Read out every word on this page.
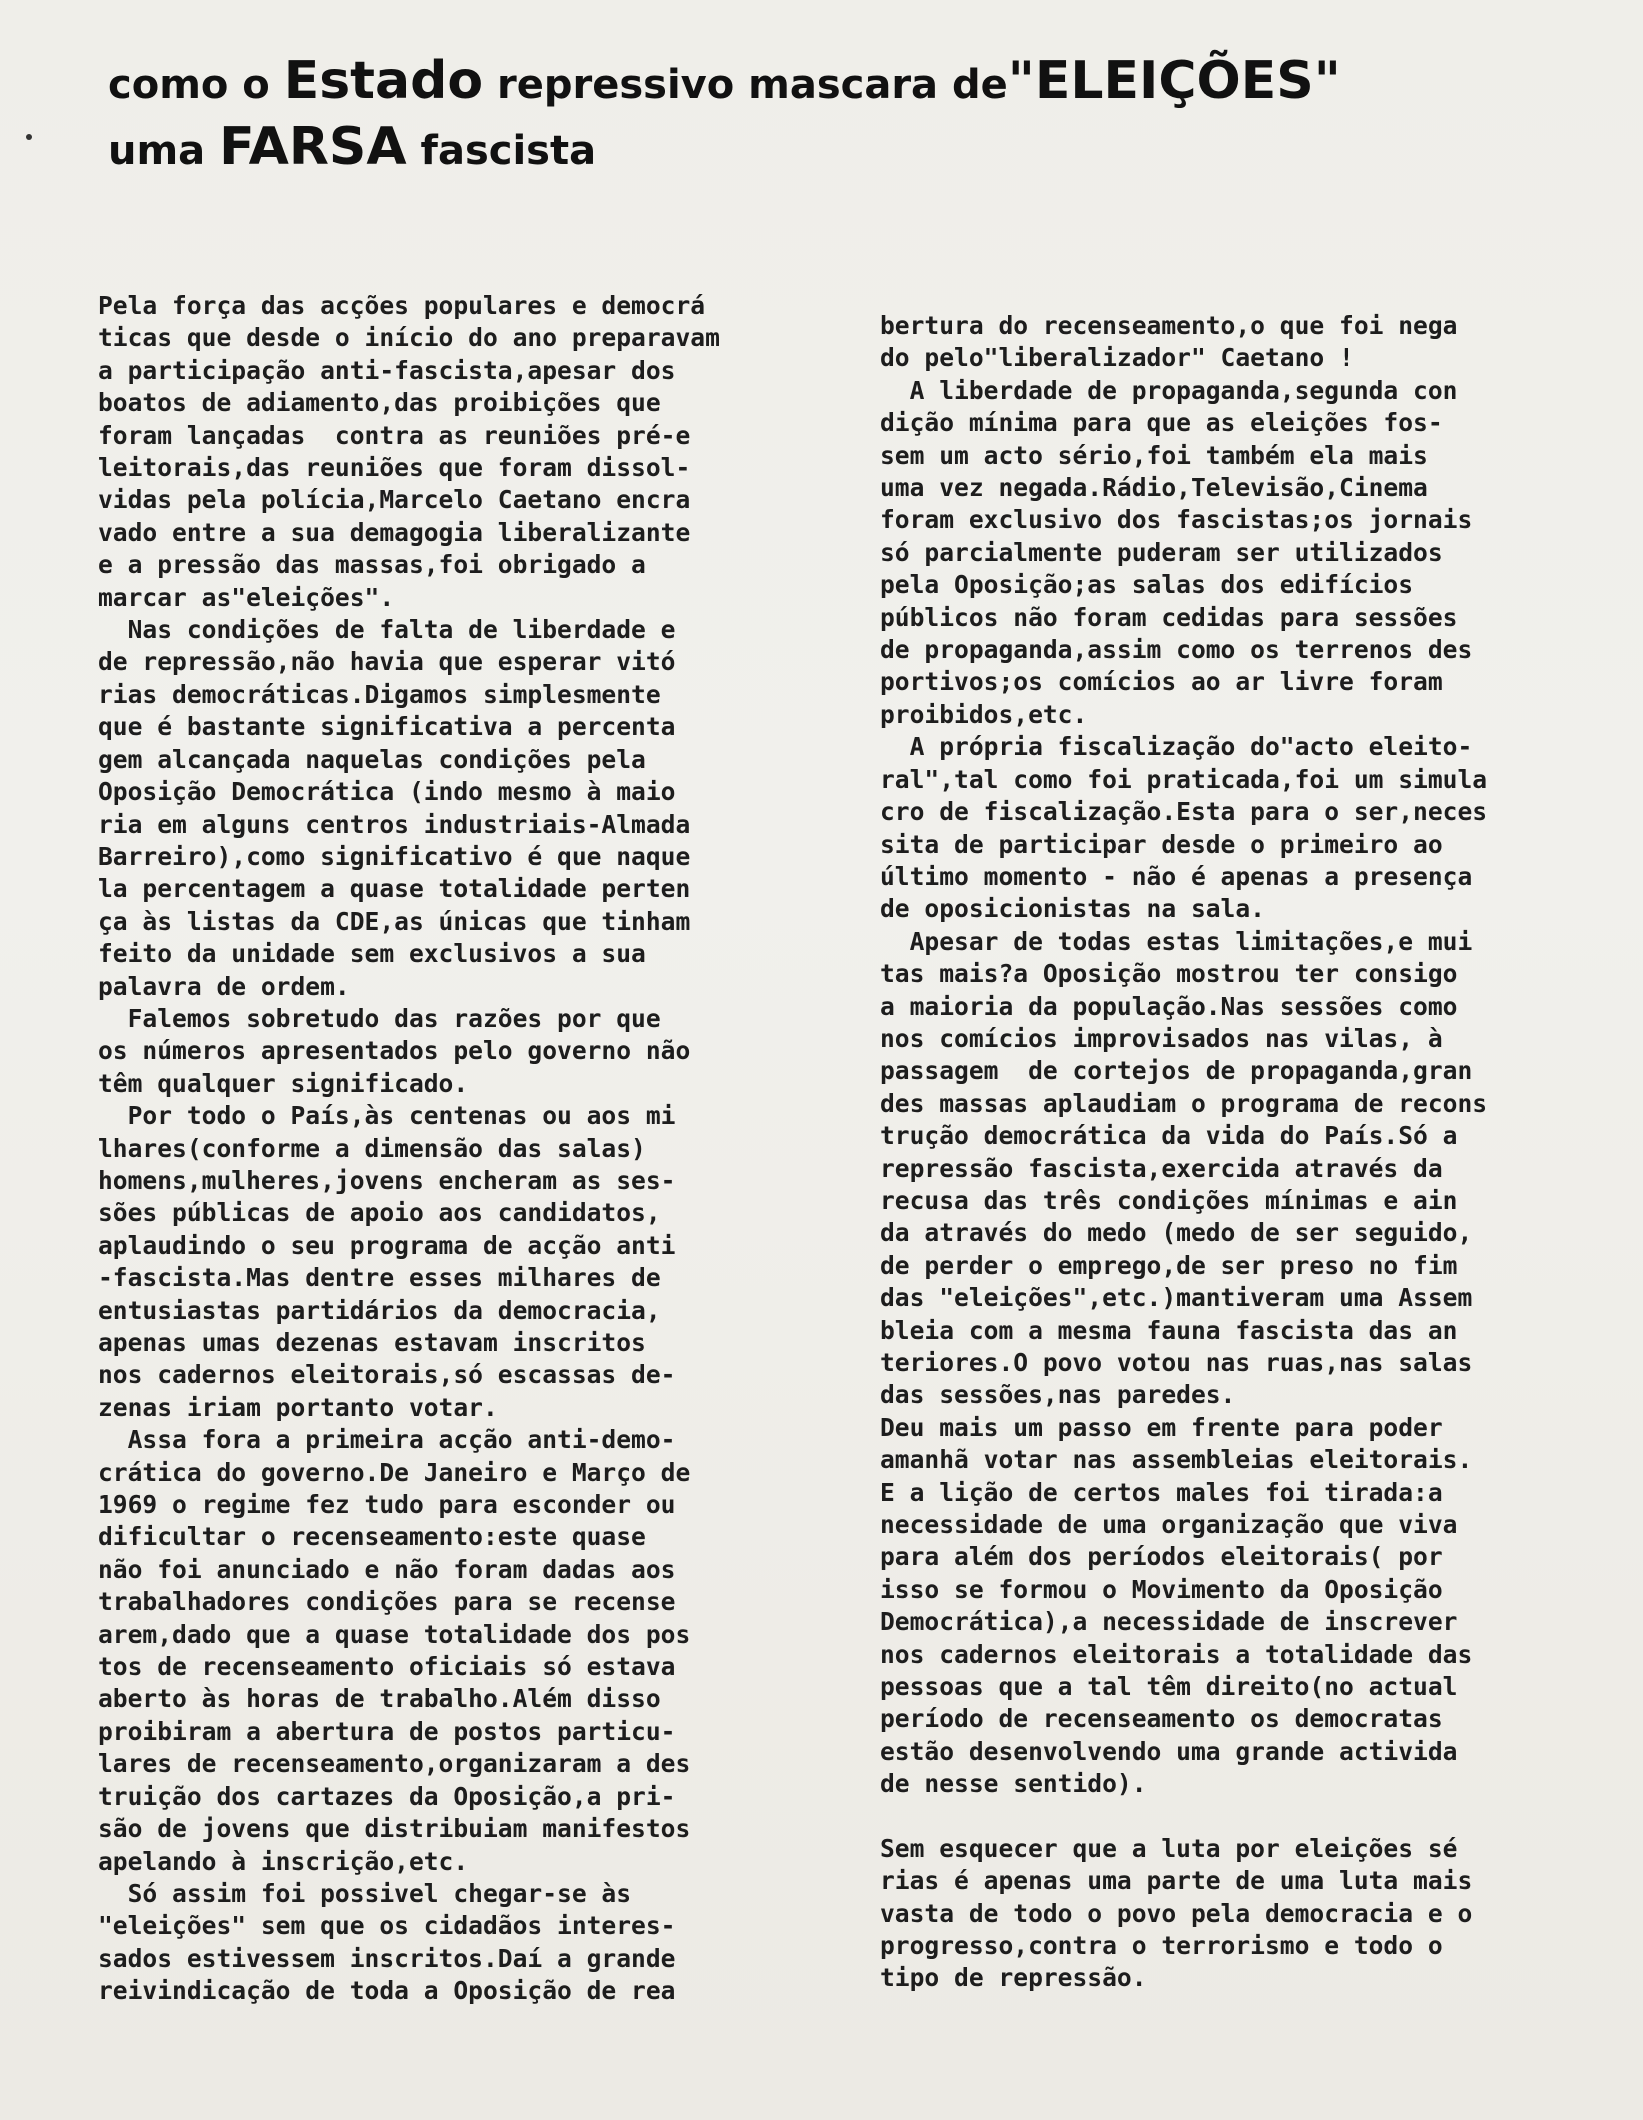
como o Estado repressivo mascara de"ELEIÇÕES"
uma FARSA fascista

Pela força das acções populares e democrá

ticas que desde o início do ano preparavam

a participação anti-fascista,apesar dos

boatos de adiamento,das proibições que

foram lançadas  contra as reuniões pré-e

leitorais,das reuniões que foram dissol-

vidas pela polícia,Marcelo Caetano encra

vado entre a sua demagogia liberalizante

e a pressão das massas,foi obrigado a

marcar as"eleições".

Nas condições de falta de liberdade e

de repressão,não havia que esperar vitó

rias democráticas.Digamos simplesmente

que é bastante significativa a percenta

gem alcançada naquelas condições pela

Oposição Democrática (indo mesmo à maio

ria em alguns centros industriais-Almada

Barreiro),como significativo é que naque

la percentagem a quase totalidade perten

ça às listas da CDE,as únicas que tinham

feito da unidade sem exclusivos a sua

palavra de ordem.

Falemos sobretudo das razões por que

os números apresentados pelo governo não

têm qualquer significado.

Por todo o País,às centenas ou aos mi

lhares(conforme a dimensão das salas)

homens,mulheres,jovens encheram as ses-

sões públicas de apoio aos candidatos,

aplaudindo o seu programa de acção anti

-fascista.Mas dentre esses milhares de

entusiastas partidários da democracia,

apenas umas dezenas estavam inscritos

nos cadernos eleitorais,só escassas de-

zenas iriam portanto votar.

Assa fora a primeira acção anti-demo-

crática do governo.De Janeiro e Março de

1969 o regime fez tudo para esconder ou

dificultar o recenseamento:este quase

não foi anunciado e não foram dadas aos

trabalhadores condições para se recense

arem,dado que a quase totalidade dos pos

tos de recenseamento oficiais só estava

aberto às horas de trabalho.Além disso

proibiram a abertura de postos particu-

lares de recenseamento,organizaram a des

truição dos cartazes da Oposição,a pri-

são de jovens que distribuiam manifestos

apelando à inscrição,etc.

Só assim foi possivel chegar-se às

"eleições" sem que os cidadãos interes-

sados estivessem inscritos.Daí a grande

reivindicação de toda a Oposição de rea

bertura do recenseamento,o que foi nega

do pelo"liberalizador" Caetano !

A liberdade de propaganda,segunda con

dição mínima para que as eleições fos-

sem um acto sério,foi também ela mais

uma vez negada.Rádio,Televisão,Cinema

foram exclusivo dos fascistas;os jornais

só parcialmente puderam ser utilizados

pela Oposição;as salas dos edifícios

públicos não foram cedidas para sessões

de propaganda,assim como os terrenos des

portivos;os comícios ao ar livre foram

proibidos,etc.

A própria fiscalização do"acto eleito-

ral",tal como foi praticada,foi um simula

cro de fiscalização.Esta para o ser,neces

sita de participar desde o primeiro ao

último momento - não é apenas a presença

de oposicionistas na sala.

Apesar de todas estas limitações,e mui

tas mais?a Oposição mostrou ter consigo

a maioria da população.Nas sessões como

nos comícios improvisados nas vilas, à

passagem  de cortejos de propaganda,gran

des massas aplaudiam o programa de recons

trução democrática da vida do País.Só a

repressão fascista,exercida através da

recusa das três condições mínimas e ain

da através do medo (medo de ser seguido,

de perder o emprego,de ser preso no fim

das "eleições",etc.)mantiveram uma Assem

bleia com a mesma fauna fascista das an

teriores.O povo votou nas ruas,nas salas

das sessões,nas paredes.

Deu mais um passo em frente para poder

amanhã votar nas assembleias eleitorais.

E a lição de certos males foi tirada:a

necessidade de uma organização que viva

para além dos períodos eleitorais( por

isso se formou o Movimento da Oposição

Democrática),a necessidade de inscrever

nos cadernos eleitorais a totalidade das

pessoas que a tal têm direito(no actual

período de recenseamento os democratas

estão desenvolvendo uma grande activida

de nesse sentido).

Sem esquecer que a luta por eleições sé

rias é apenas uma parte de uma luta mais

vasta de todo o povo pela democracia e o

progresso,contra o terrorismo e todo o

tipo de repressão.
